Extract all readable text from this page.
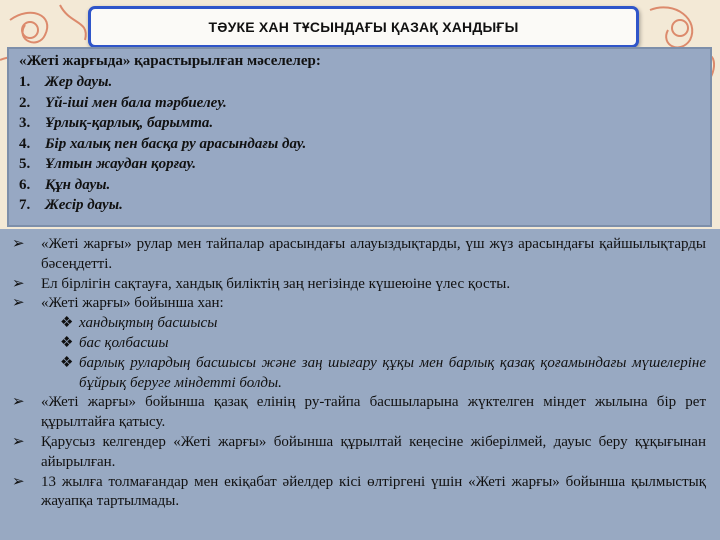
ТӘУКЕ ХАН ТҰСЫНДАҒЫ ҚАЗАҚ ХАНДЫҒЫ
«Жеті жарғыда» қарастырылған мәселелер:
1. Жер дауы.
2. Үй-іші мен бала тәрбиелеу.
3. Ұрлық-қарлық, барымта.
4. Бір халық пен басқа ру арасындағы дау.
5. Ұлтын жаудан қорғау.
6. Құн дауы.
7. Жесір дауы.
➢ «Жеті жарғы» рулар мен тайпалар арасындағы алауыздықтарды, үш жүз арасындағы қайшылықтарды бәсеңдетті.
➢ Ел бірлігін сақтауға, хандық биліктің заң негізінде күшеюіне үлес қосты.
➢ «Жеті жарғы» бойынша хан:
❖ хандықтың басшысы
❖ бас қолбасшы
❖ барлық рулардың басшысы және заң шығару құқы мен барлық қазақ қоғамындағы мүшелеріне бұйрық беруге міндетті болды.
➢ «Жеті жарғы» бойынша қазақ елінің ру-тайпа басшыларына жүктелген міндет жылына бір рет құрылтайға қатысу.
➢ Қарусыз келгендер «Жеті жарғы» бойынша құрылтай кеңесіне жіберілмей, дауыс беру құқығынан айырылған.
➢ 13 жылға толмағандар мен екіқабат әйелдер кісі өлтіргені үшін «Жеті жарғы» бойынша қылмыстық жауапқа тартылмады.
